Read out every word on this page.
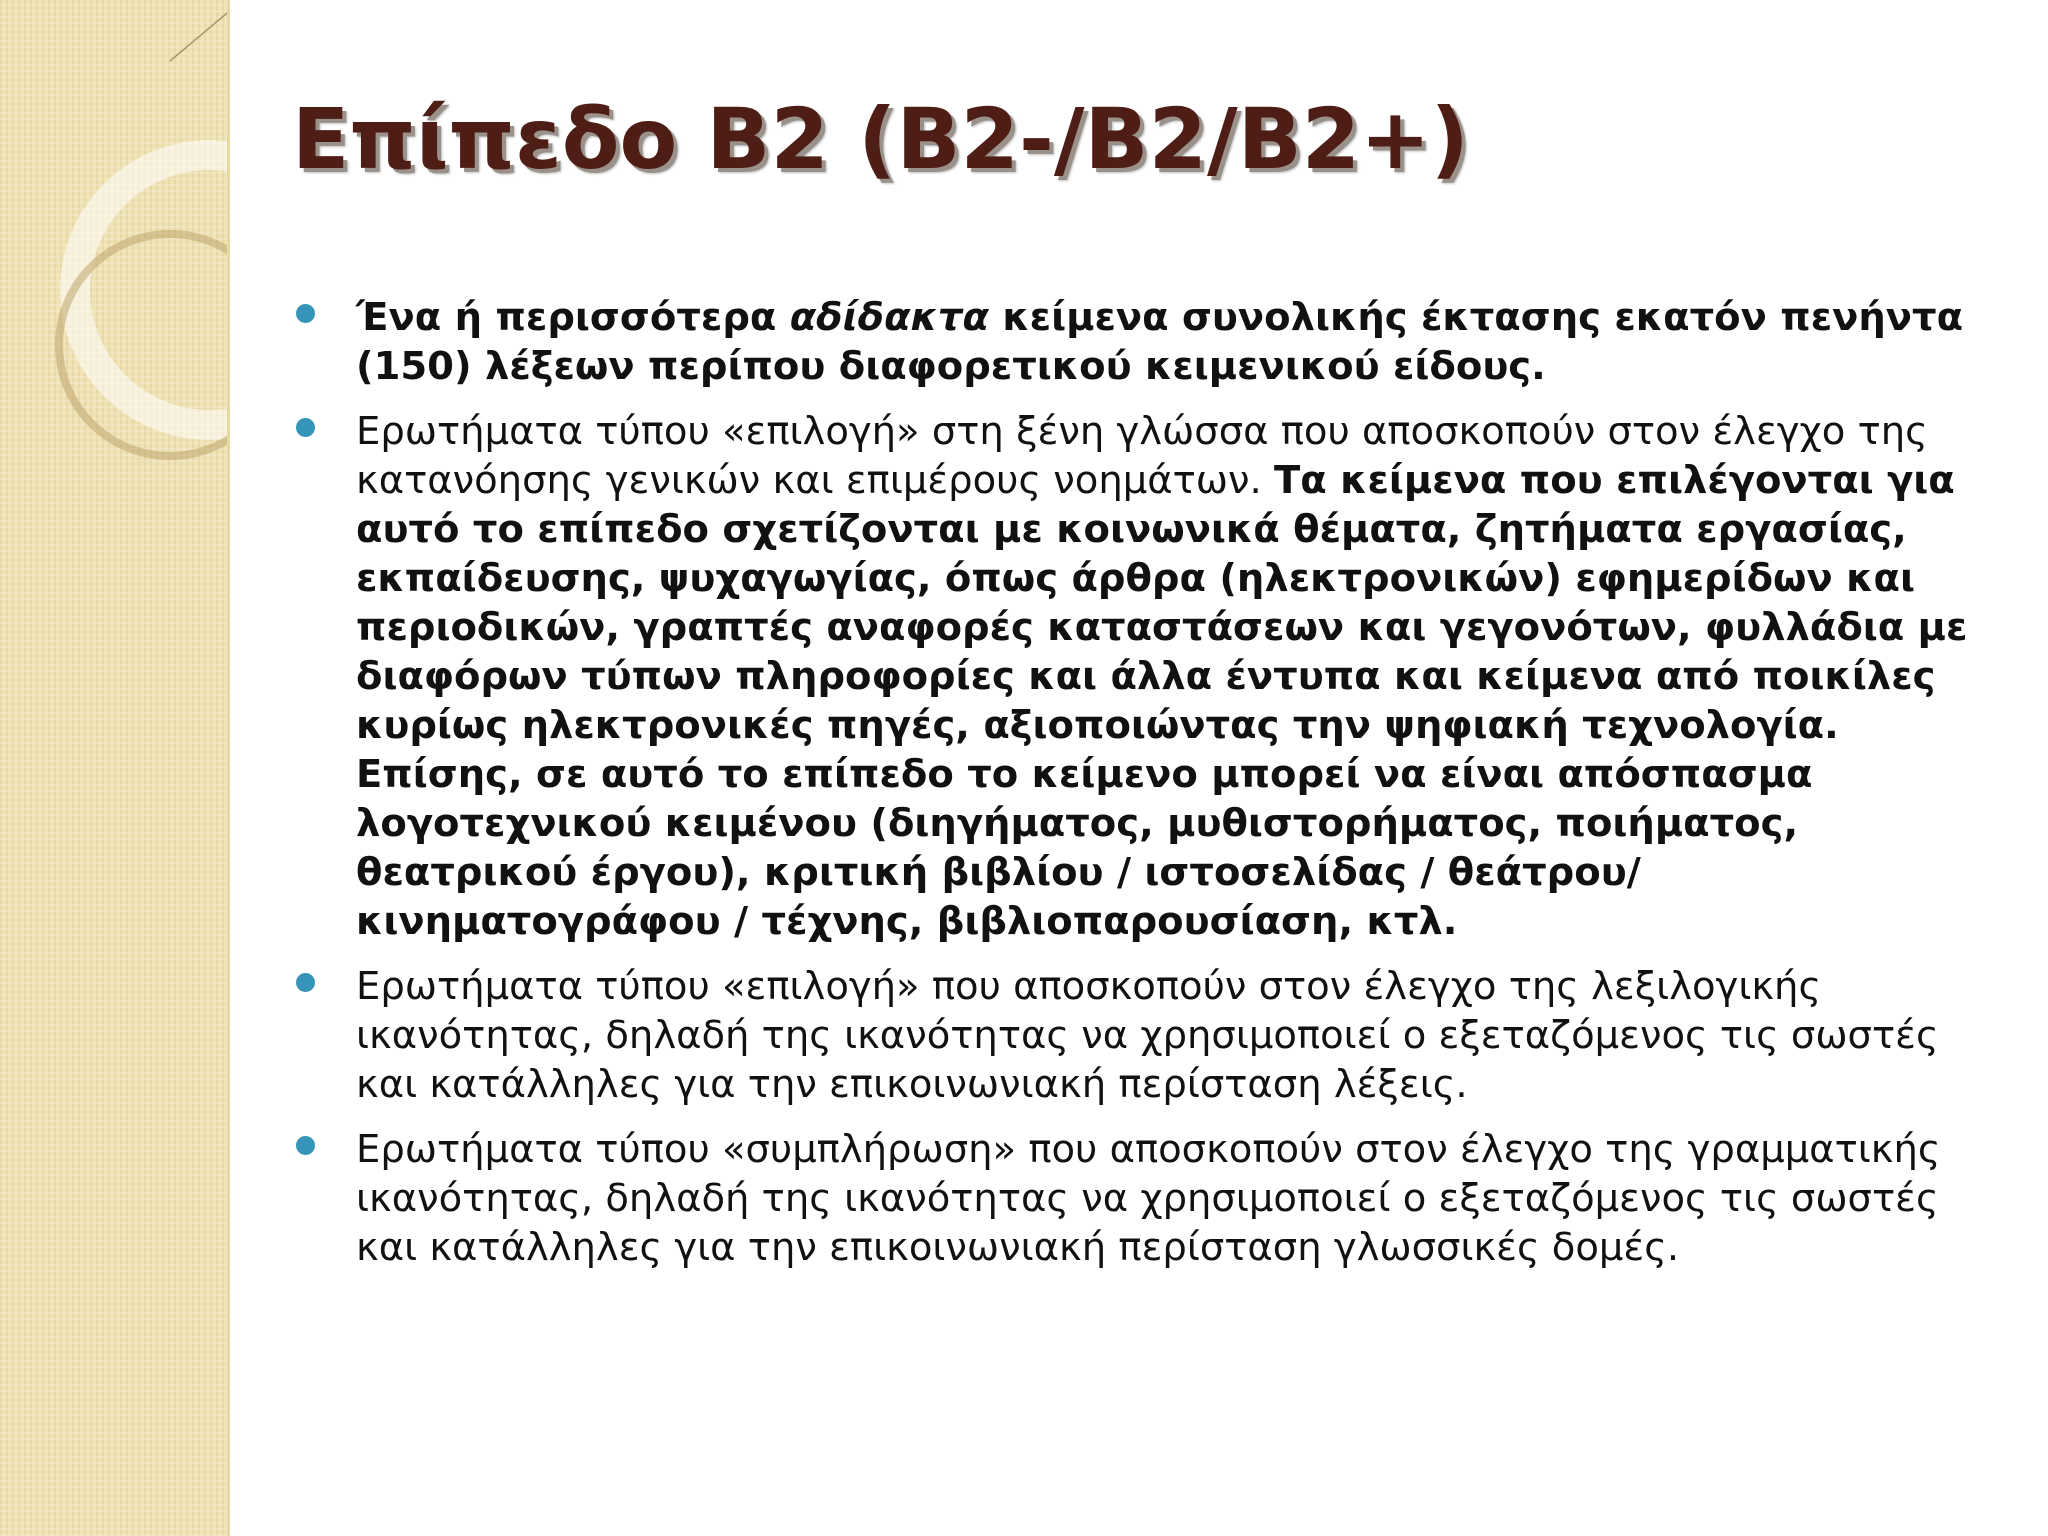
Επίπεδο Β2 (Β2-/Β2/Β2+)
Ένα ή περισσότερα αδίδακτα κείμενα συνολικής έκτασης εκατόν πενήντα (150) λέξεων περίπου διαφορετικού κειμενικού είδους.
Ερωτήματα τύπου «επιλογή» στη ξένη γλώσσα που αποσκοπούν στον έλεγχο της κατανόησης γενικών και επιμέρους νοημάτων. Τα κείμενα που επιλέγονται για αυτό το επίπεδο σχετίζονται με κοινωνικά θέματα, ζητήματα εργασίας, εκπαίδευσης, ψυχαγωγίας, όπως άρθρα (ηλεκτρονικών) εφημερίδων και περιοδικών, γραπτές αναφορές καταστάσεων και γεγονότων, φυλλάδια με διαφόρων τύπων πληροφορίες και άλλα έντυπα και κείμενα από ποικίλες κυρίως ηλεκτρονικές πηγές, αξιοποιώντας την ψηφιακή τεχνολογία. Επίσης, σε αυτό το επίπεδο το κείμενο μπορεί να είναι απόσπασμα λογοτεχνικού κειμένου (διηγήματος, μυθιστορήματος, ποιήματος, θεατρικού έργου), κριτική βιβλίου / ιστοσελίδας / θεάτρου/ κινηματογράφου / τέχνης, βιβλιοπαρουσίαση, κτλ.
Ερωτήματα τύπου «επιλογή» που αποσκοπούν στον έλεγχο της λεξιλογικής ικανότητας, δηλαδή της ικανότητας να χρησιμοποιεί ο εξεταζόμενος τις σωστές και κατάλληλες για την επικοινωνιακή περίσταση λέξεις.
Ερωτήματα τύπου «συμπλήρωση» που αποσκοπούν στον έλεγχο της γραμματικής ικανότητας, δηλαδή της ικανότητας να χρησιμοποιεί ο εξεταζόμενος τις σωστές και κατάλληλες για την επικοινωνιακή περίσταση γλωσσικές δομές.
